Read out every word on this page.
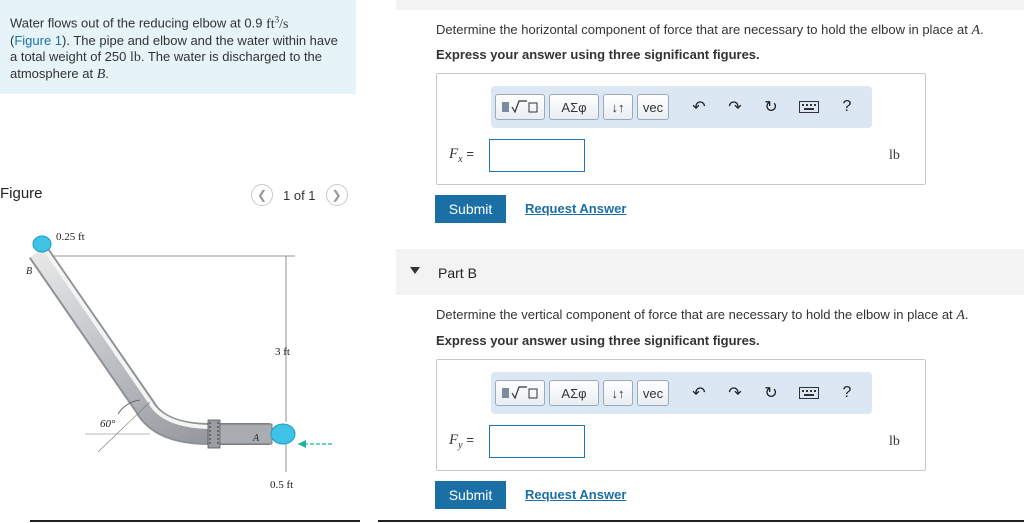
Water flows out of the reducing elbow at 0.9 $ft^3/s$
(Figure 1). The pipe and elbow and the water within have
a total weight of 250 lb. The water is discharged to the
atmosphere at B.
Figure	❮	1 of 1	❯
0.25 ft
B
3 ft
60°
A
0.5 ft
Determine the horizontal component of force that are necessary to hold the elbow in place at A.
Express your answer using three significant figures.
ΑΣφ	↓↑	vec	↶	↷	↻	?
$F_x$ =	lb
Submit	Request Answer
Part B
Determine the vertical component of force that are necessary to hold the elbow in place at A.
Express your answer using three significant figures.
ΑΣφ	↓↑	vec	↶	↷	↻	?
$F_y$ =	lb
Submit	Request Answer
